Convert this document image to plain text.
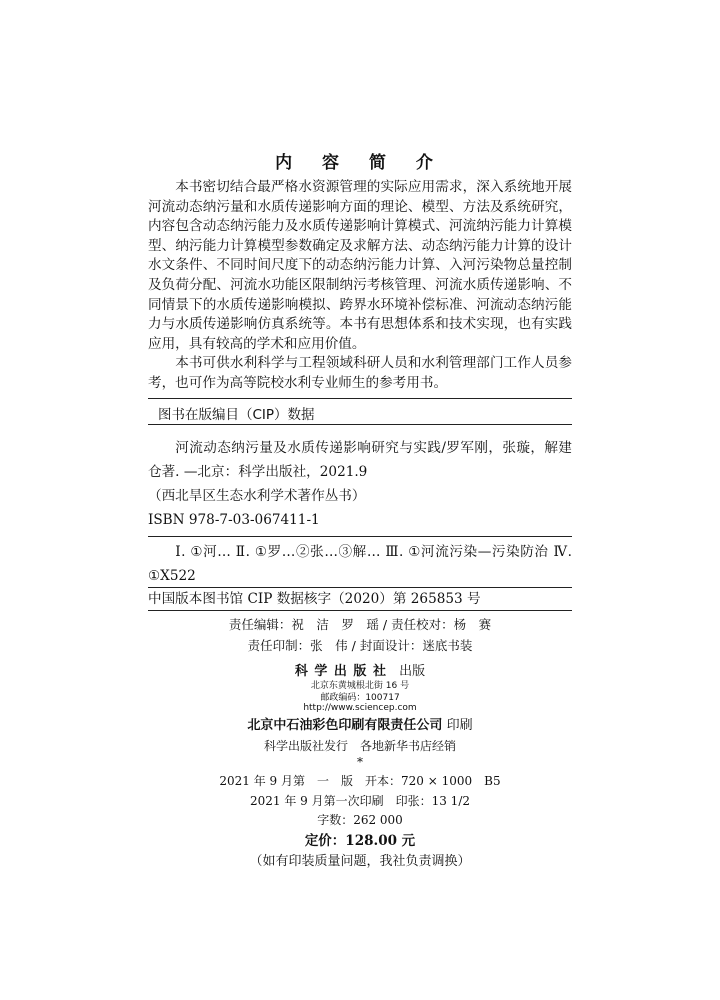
内 容 简 介

本书密切结合最严格水资源管理的实际应用需求，深入系统地开展河流动态纳污量和水质传递影响方面的理论、模型、方法及系统研究，内容包含动态纳污能力及水质传递影响计算模式、河流纳污能力计算模型、纳污能力计算模型参数确定及求解方法、动态纳污能力计算的设计水文条件、不同时间尺度下的动态纳污能力计算、入河污染物总量控制及负荷分配、河流水功能区限制纳污考核管理、河流水质传递影响、不同情景下的水质传递影响模拟、跨界水环境补偿标准、河流动态纳污能力与水质传递影响仿真系统等。本书有思想体系和技术实现，也有实践应用，具有较高的学术和应用价值。

本书可供水利科学与工程领域科研人员和水利管理部门工作人员参考，也可作为高等院校水利专业师生的参考用书。

图书在版编目（CIP）数据

河流动态纳污量及水质传递影响研究与实践/罗军刚，张璇，解建仓著. —北京：科学出版社，2021.9

（西北旱区生态水利学术著作丛书）

ISBN 978-7-03-067411-1

Ⅰ. ①河… Ⅱ. ①罗…②张…③解… Ⅲ. ①河流污染—污染防治 Ⅳ. ①X522

中国版本图书馆 CIP 数据核字（2020）第 265853 号

责任编辑：祝　洁　罗　瑶 / 责任校对：杨　赛
责任印制：张　伟 / 封面设计：迷底书装
科 学 出 版 社 出版
北京东黄城根北街 16 号
邮政编码：100717
http://www.sciencep.com
北京中石油彩色印刷有限责任公司 印刷
科学出版社发行　各地新华书店经销
*
2021 年 9 月第　一　版　开本：720 × 1000　B5
2021 年 9 月第一次印刷　印张：13 1/2
字数：262 000
定价：128.00 元
（如有印装质量问题，我社负责调换）
